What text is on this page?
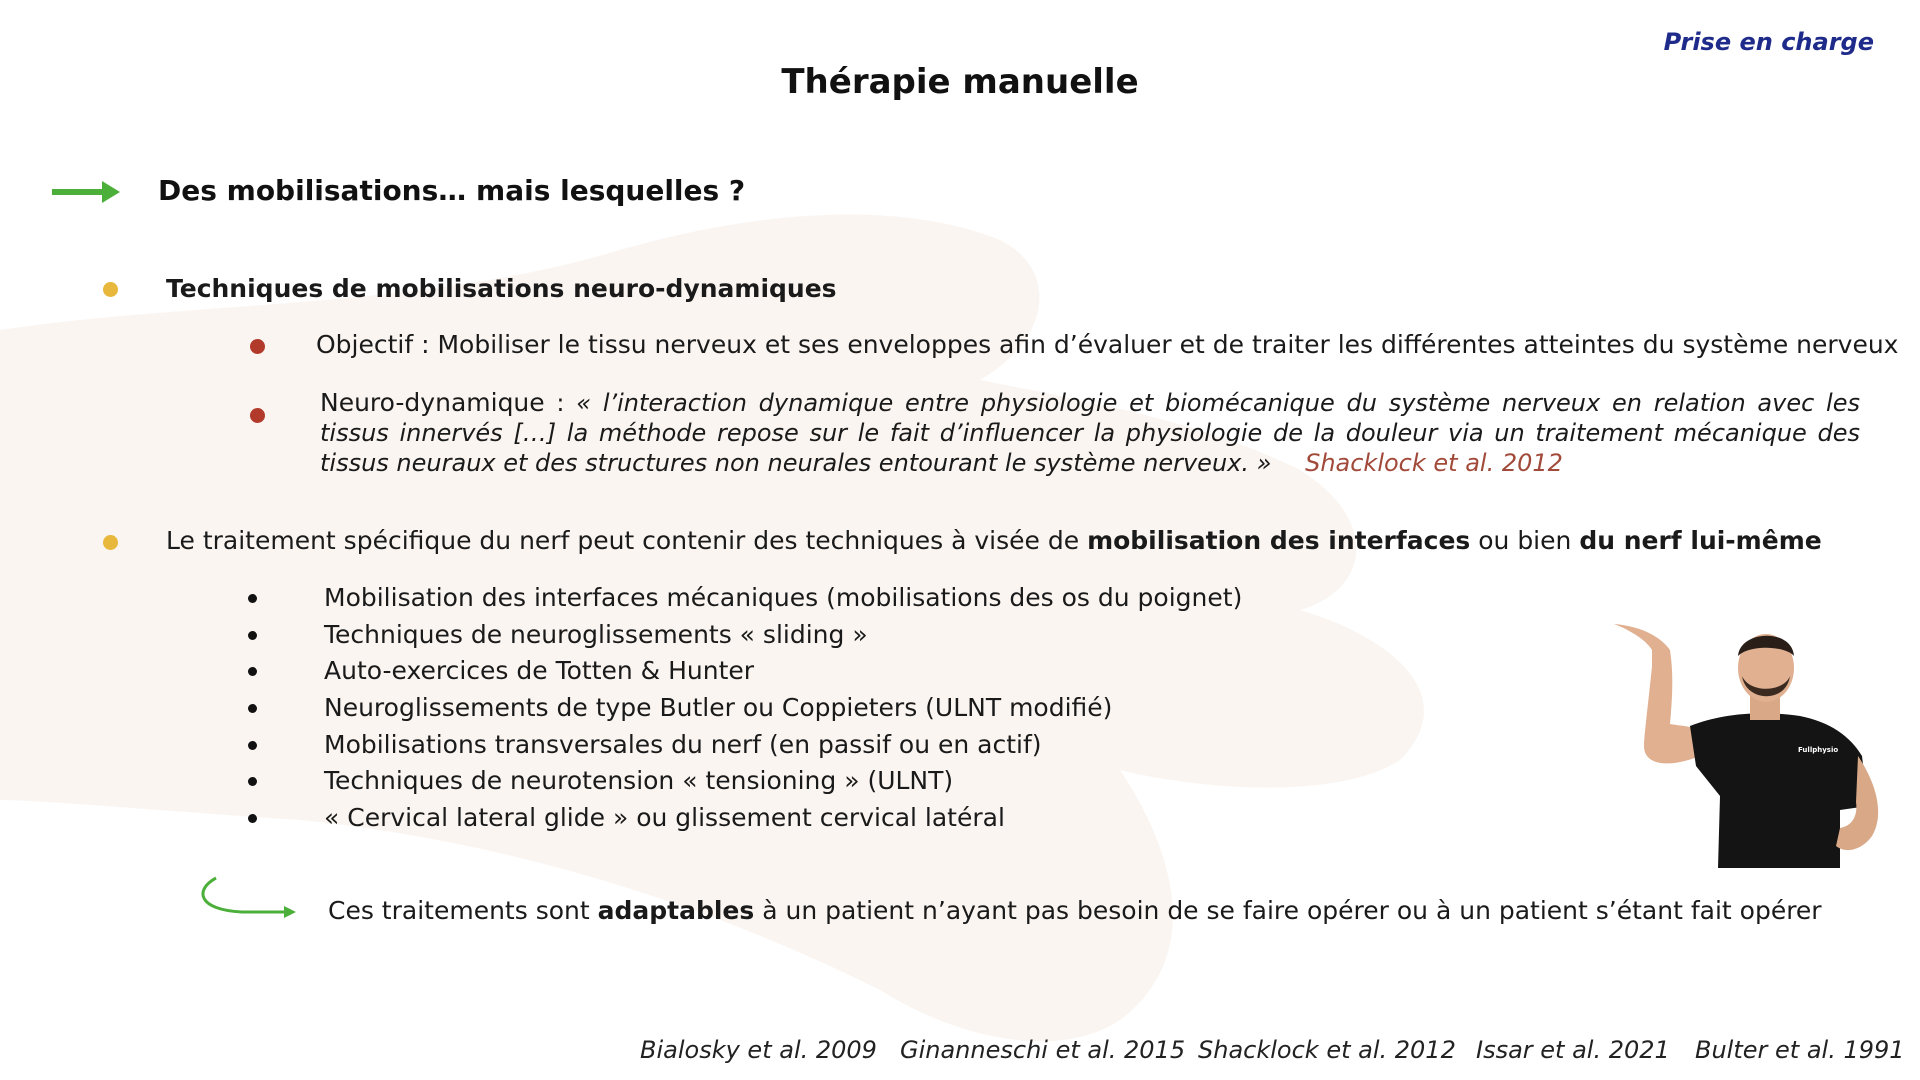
Prise en charge
Thérapie manuelle
Des mobilisations… mais lesquelles ?
Techniques de mobilisations neuro-dynamiques
Objectif : Mobiliser le tissu nerveux et ses enveloppes afin d’évaluer et de traiter les différentes atteintes du système nerveux
Neuro-dynamique : « l’interaction dynamique entre physiologie et biomécanique du système nerveux en relation avec les tissus innervés […] la méthode repose sur le fait d’influencer la physiologie de la douleur via un traitement mécanique des tissus neuraux et des structures non neurales entourant le système nerveux. » Shacklock et al. 2012
Le traitement spécifique du nerf peut contenir des techniques à visée de mobilisation des interfaces ou bien du nerf lui-même
Mobilisation des interfaces mécaniques (mobilisations des os du poignet)
Techniques de neuroglissements « sliding »
Auto-exercices de Totten & Hunter
Neuroglissements de type Butler ou Coppieters (ULNT modifié)
Mobilisations transversales du nerf (en passif ou en actif)
Techniques de neurotension « tensioning » (ULNT)
« Cervical lateral glide » ou glissement cervical latéral
Ces traitements sont adaptables à un patient n’ayant pas besoin de se faire opérer ou à un patient s’étant fait opérer
Fullphysio
Bialosky et al. 2009 Ginanneschi et al. 2015 Shacklock et al. 2012 Issar et al. 2021 Bulter et al. 1991
